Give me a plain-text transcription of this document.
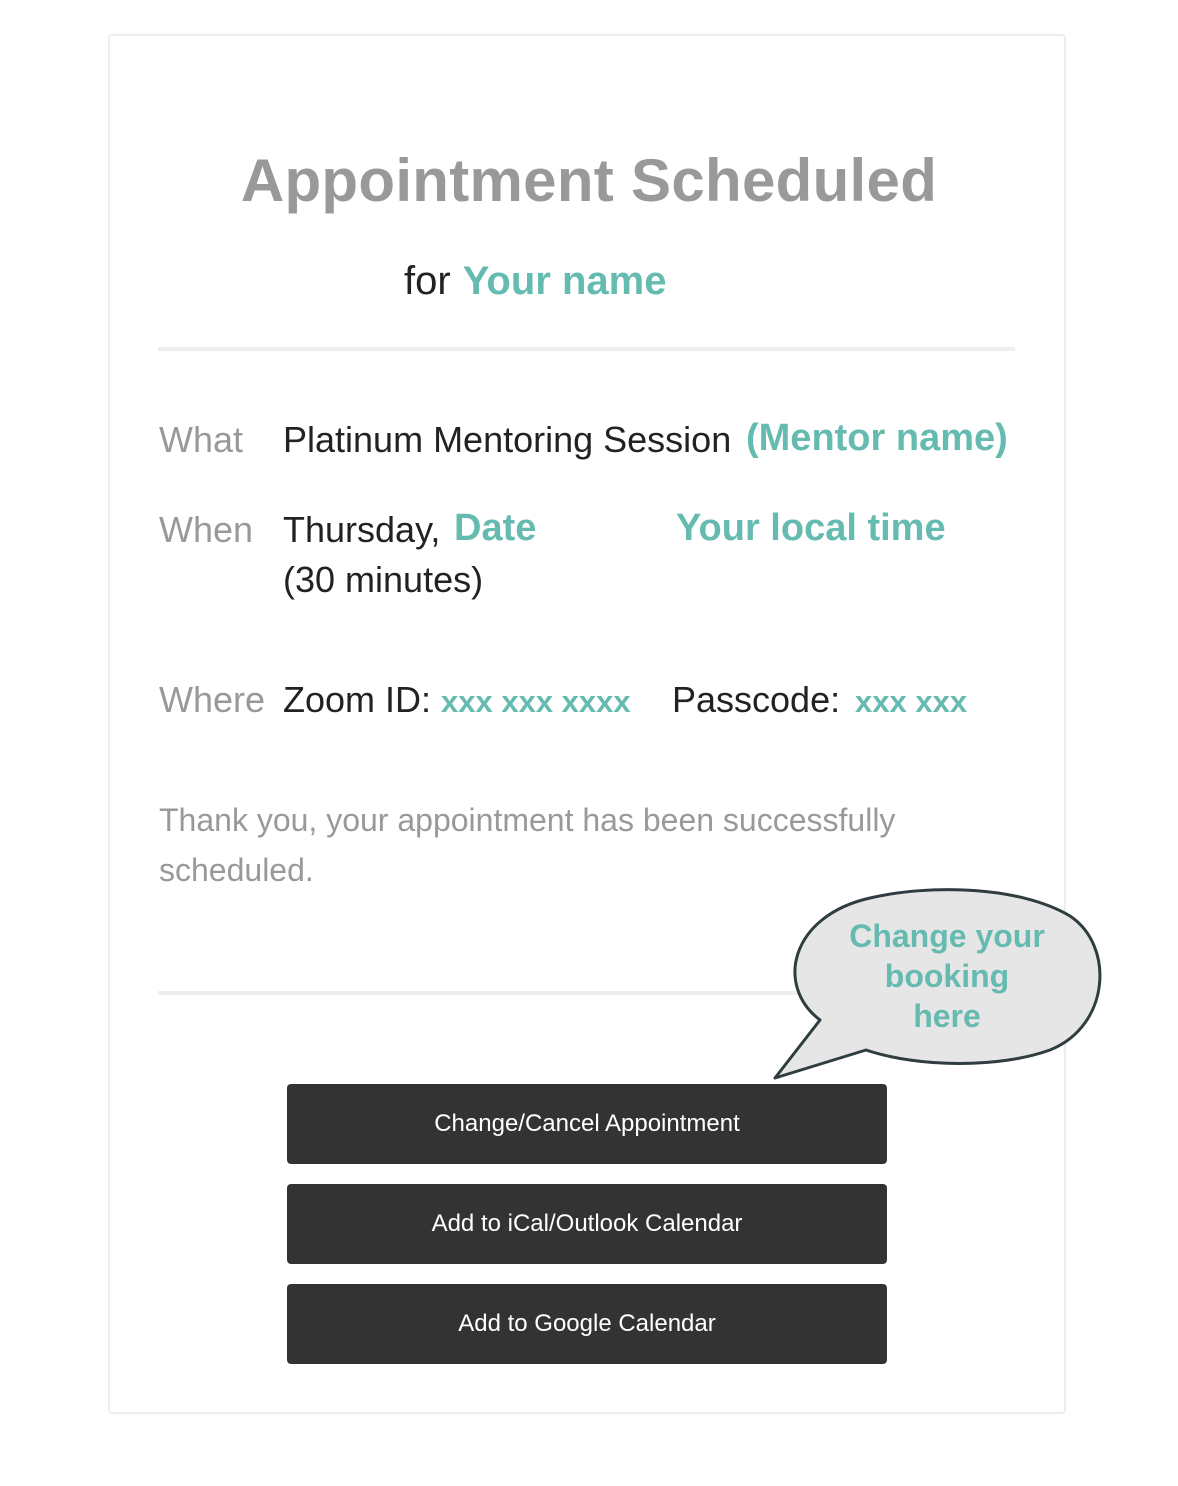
Appointment Scheduled
for Your name
What Platinum Mentoring Session (Mentor name)
When Thursday, Date	Your local time
(30 minutes)
Where Zoom ID: xxx xxx xxxx Passcode: xxx xxx
Thank you, your appointment has been successfully scheduled.
Change your
booking
here
Change/Cancel Appointment
Add to iCal/Outlook Calendar
Add to Google Calendar
